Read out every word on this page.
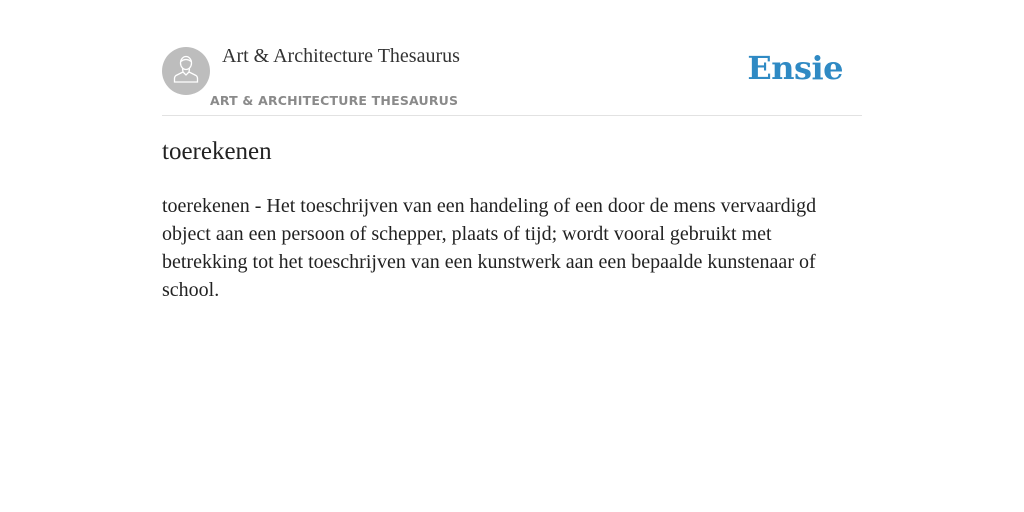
Art & Architecture Thesaurus
ART & ARCHITECTURE THESAURUS
Ensie
toerekenen

toerekenen - Het toeschrijven van een handeling of een door de mens vervaardigd object aan een persoon of schepper, plaats of tijd; wordt vooral gebruikt met betrekking tot het toeschrijven van een kunstwerk aan een bepaalde kunstenaar of school.
